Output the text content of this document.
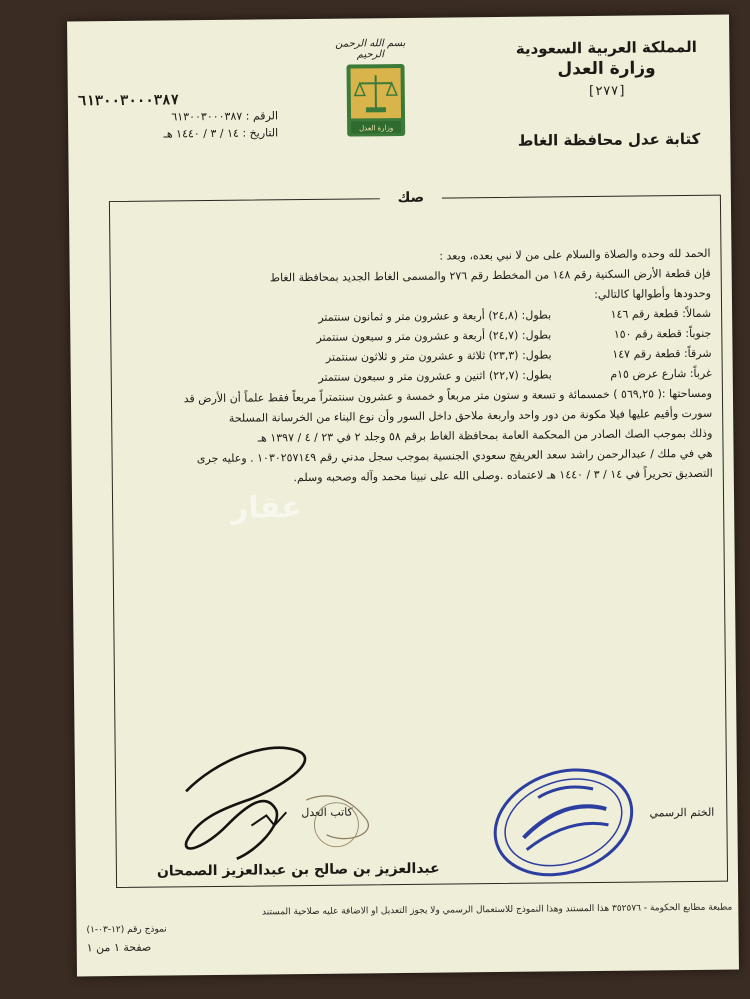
المملكة العربية السعودية
وزارة العدل
[٢٧٧]
كتابة عدل محافظة الغاط
بسم الله الرحمن الرحيم
وزارة العدل
٦١٣٠٠٣٠٠٠٣٨٧
الرقم : ٦١٣٠٠٣٠٠٠٣٨٧
التاريخ : ١٤ / ٣ / ١٤٤٠ هـ
صك
عقار
الحمد لله وحده والصلاة والسلام على من لا نبي بعده، وبعد :
فإن قطعة الأرض السكنية رقم ١٤٨ من المخطط رقم ٢٧٦ والمسمى الغاط الجديد بمحافظة الغاط
وحدودها وأطوالها كالتالي:
شمالاً: قطعة رقم ١٤٦
بطول: (٢٤,٨) أربعة و عشرون متر و ثمانون سنتمتر
جنوباً: قطعة رقم ١٥٠
بطول: (٢٤,٧) أربعة و عشرون متر و سبعون سنتمتر
شرقاً: قطعة رقم ١٤٧
بطول: (٢٣,٣) ثلاثة و عشرون متر و ثلاثون سنتمتر
غرباً: شارع عرض ١٥م
بطول: (٢٢,٧) اثنين و عشرون متر و سبعون سنتمتر
ومساحتها :( ٥٦٩,٢٥ ) خمسمائة و تسعة و ستون متر مربعاً و خمسة و عشرون سنتمتراً مربعاً فقط علماً أن الأرض قد
سورت وأقيم عليها فيلا مكونة من دور واحد واربعة ملاحق داخل السور وأن نوع البناء من الخرسانة المسلحة
وذلك بموجب الصك الصادر من المحكمة العامة بمحافظة الغاط برقم ٥٨ وجلد ٢ في ٢٣ / ٤ / ١٣٩٧ هـ
هي في ملك / عبدالرحمن راشد سعد العريفج سعودي الجنسية بموجب سجل مدني رقم ١٠٣٠٢٥٧١٤٩ . وعليه جرى
التصديق تحريراً في ١٤ / ٣ / ١٤٤٠ هـ لاعتماده .وصلى الله على نبينا محمد وآله وصحبه وسلم.
الختم الرسمي
كاتب العدل
عبدالعزيز بن صالح بن عبدالعزيز الصمحان
مطبعة مطابع الحكومة - ٣٥٢٥٧٦ هذا المستند وهذا النموذج للاستعمال الرسمي ولا يجوز التعديل أو الاضافة عليه صلاحية المستند
نموذج رقم (١٢-٠٣-١)
صفحة ١ من ١
